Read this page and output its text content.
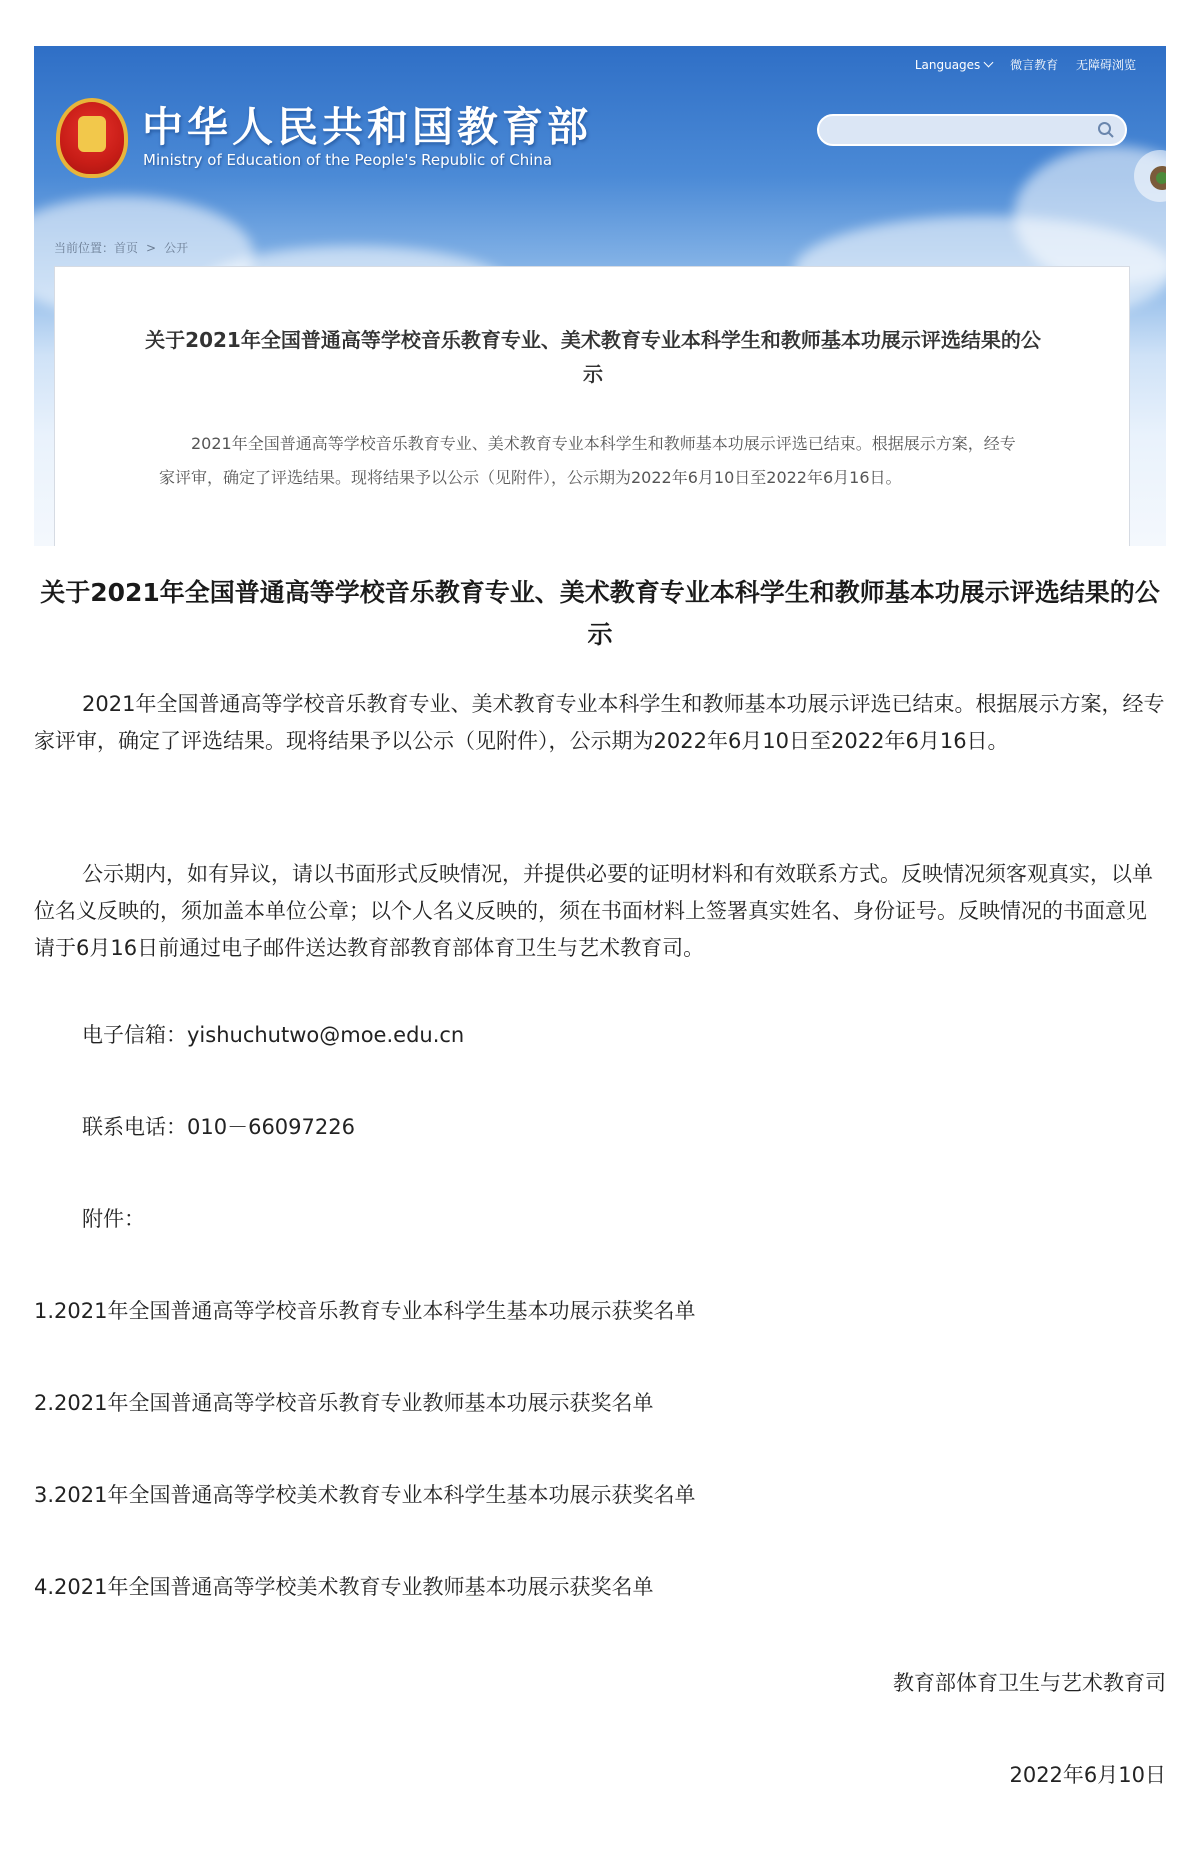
中华人民共和国教育部
Ministry of Education of the People's Republic of China
Languages 微言教育 无障碍浏览
当前位置：首页 > 公开
关于2021年全国普通高等学校音乐教育专业、美术教育专业本科学生和教师基本功展示评选结果的公示
2021年全国普通高等学校音乐教育专业、美术教育专业本科学生和教师基本功展示评选已结束。根据展示方案，经专家评审，确定了评选结果。现将结果予以公示（见附件），公示期为2022年6月10日至2022年6月16日。
关于2021年全国普通高等学校音乐教育专业、美术教育专业本科学生和教师基本功展示评选结果的公示
2021年全国普通高等学校音乐教育专业、美术教育专业本科学生和教师基本功展示评选已结束。根据展示方案，经专家评审，确定了评选结果。现将结果予以公示（见附件），公示期为2022年6月10日至2022年6月16日。
公示期内，如有异议，请以书面形式反映情况，并提供必要的证明材料和有效联系方式。反映情况须客观真实，以单位名义反映的，须加盖本单位公章；以个人名义反映的，须在书面材料上签署真实姓名、身份证号。反映情况的书面意见请于6月16日前通过电子邮件送达教育部教育部体育卫生与艺术教育司。
电子信箱：yishuchutwo@moe.edu.cn
联系电话：010－66097226
附件：
1.2021年全国普通高等学校音乐教育专业本科学生基本功展示获奖名单
2.2021年全国普通高等学校音乐教育专业教师基本功展示获奖名单
3.2021年全国普通高等学校美术教育专业本科学生基本功展示获奖名单
4.2021年全国普通高等学校美术教育专业教师基本功展示获奖名单
教育部体育卫生与艺术教育司
2022年6月10日
